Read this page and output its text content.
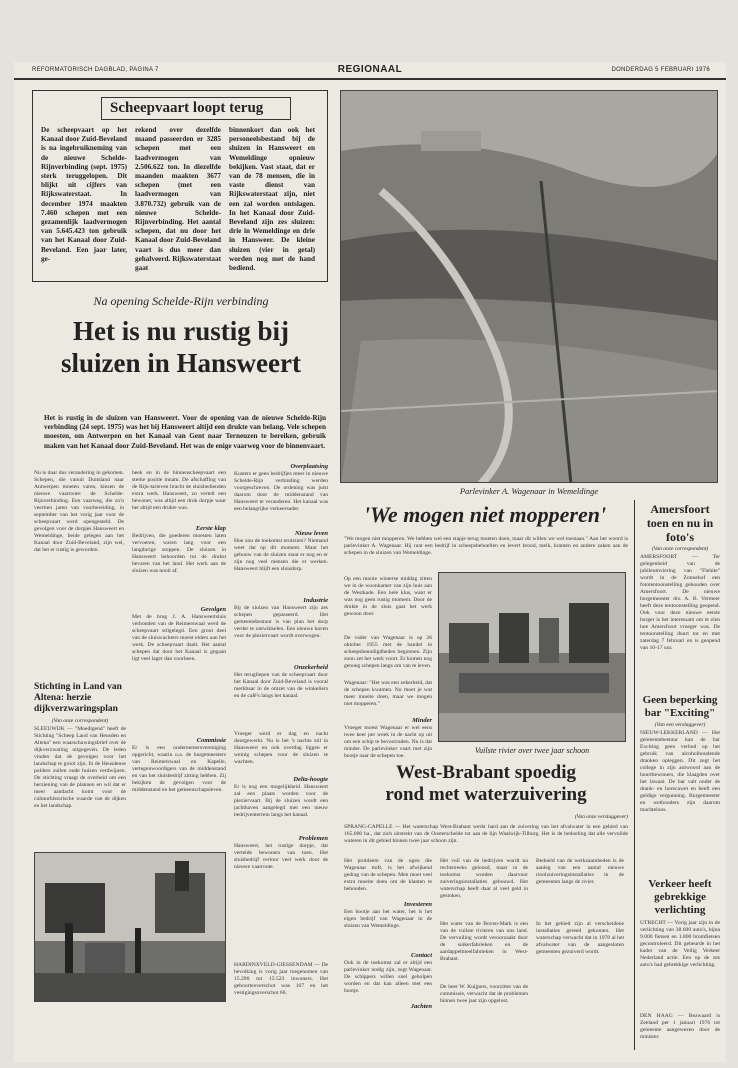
REFORMATORISCH DAGBLAD, PAGINA 7	REGIONAAL	DONDERDAG 5 FEBRUARI 1976
Scheepvaart loopt terug
De scheepvaart op het Kanaal door Zuid-Beveland is na ingebruikneming van de nieuwe Schelde-Rijnverbinding (sept. 1975) sterk teruggelopen. Dit blijkt uit cijfers van Rijkswaterstaat. In december 1974 maakten 7.460 schepen met een gezamenlijk laadvermogen van 5.645.423 ton gebruik van het Kanaal door Zuid-Beveland. Een jaar later, ge-
rekend over dezelfde maand passeerden er 3285 schepen met een laadvermogen van 2.506.622 ton. In diezelfde maanden maakten 3677 schepen (met een laadvermogen van 3.870.732) gebruik van de nieuwe Schelde-Rijnverbinding. Het aantal schepen, dat nu door het Kanaal door Zuid-Beveland vaart is dus meer dan gehalveerd. Rijkswaterstaat gaat
binnenkort dan ook het personeelsbestand bij de sluizen in Hansweert en Wemeldinge opnieuw bekijken. Vast staat, dat er van de 78 mensen, die in vaste dienst van Rijkswaterstaat zijn, niet een zal worden ontslagen. In het Kanaal door Zuid-Beveland zijn zes sluizen: drie in Wemeldinge en drie in Hansweer. De kleine sluizen (vier in getal) worden nog met de hand bediend.
Na opening Schelde-Rijn verbinding
Het is nu rustig bij
sluizen in Hansweert
Het is rustig in de sluizen van Hansweert. Voor de opening van de nieuwe Schelde-Rijn verbinding (24 sept. 1975) was het bij Hansweert altijd een drukte van belang. Vele schepen moesten, om Antwerpen en het Kanaal van Gent naar Terneuzen te bereiken, gebruik maken van het Kanaal door Zuid-Beveland. Het was de enige vaarweg voor de binnenvaart.
Nu is daar dus verandering in gekomen. Schepen, die vanuit Duitsland naar Antwerpen moeten varen, kiezen de nieuwe vaarroute: de Schelde-Rijnverbinding. Een vaarweg, die zo'n veertien jaren van voorbereiding, in september van het vorig jaar voor de scheepvaart werd opengesteld. De gevolgen voor de dorpjes Hansweert en Wemeldinge, beide gelegen aan het Kanaal door Zuid-Beveland, zijn wel, dat het er rustig is geworden.
beek en in de binnenscheepvaart een sterke positie innam. De afschaffing van de Rijn-tarieven bracht de sluisbedienden extra werk. Hansweert, zo vertelt een bewoner, was altijd een druk dorpje waar het altijd een drukte was.
Eerste klap
Bedrijven, die goederen moesten laten vervoeren, waren lang voor een langdurige stoppen. De sluizen in Hansweert behoorden tot de drukst bevaren van het land. Het werk aan de sluizen was nooit af.
Gevolgen
Met de brug J. A. Hansweertsluis verbonden van de Reimerswaal werd de scheepvaart stilgelegd. Een groot deel van de sluiswachters moest elders aan het werk. De scheepvaart daalt. Het aantal schepen dat door het Kanaal is gegaan ligt veel lager dan voorheen.
Commissie
Er is een ondernemersvereniging opgericht, waarin o.a. de burgemeesters van Reimerswaal en Kapelle, vertegenwoordigers van de middenstand en van het sluisbedrijf zitting hebben. Zij bekijken de gevolgen voor de middenstand en het gemeenschapsleven.
Overplaatsing
Kusters er geen bedrijfjes meer in nieuwe Schelde-Rijn verbinding werden voorgeschreven. De ordening was juist daarom door de middenstand van Hansweert te veranderen. Het kanaal was een belangrijke verkeersader.
Nieuw leven
Hoe zou de toekomst eruitzien? Niemand weet dat op dit moment. Maar het gebouw van de sluizen staat er nog en er zijn nog veel mensen die er werken. Hansweert blijft een sluisdorp.
Industrie
Bij de sluizen van Hansweert zijn zes schepen gepasseerd. Het gemeentebestuur is van plan het dorp verder te ontwikkelen. Een nieuwe haven voor de pleziervaart wordt overwogen.
Onzekerheid
Het terugliepen van de scheepvaart door het Kanaal door Zuid-Beveland is vooral merkbaar in de omzet van de winkeliers en de café's langs het kanaal.
Vroeger werd er dag en nacht doorgewerkt. Nu is het 's nachts stil in Hansweert en ook overdag liggen er weinig schepen voor de sluizen te wachten.
Delta-hoogte
Er is nog een mogelijkheid. Hansweert zal een plaats worden voor de pleziervaart. Bij de sluizen wordt een jachthaven aangelegd met een nieuw bedrijventerrein langs het kanaal.
Problemen
Hansweert, het rustige dorpje, dat vertelde bewoners van toen. Het sluisbedrijf verloor veel werk door de nieuwe vaarroute.
Stichting in Land van Altena: herzie dijkverzwaringsplan
(Van onze correspondent)
SLEEUWIJK — "Moedigend" heeft de Stichting "Scheep Land van Heusden en Altena" een waarschuwingsbrief over de dijkverzwaring uitgegeven. De leden vinden dat de gevolgen voor het landschap te groot zijn. In de Heusdense polders zullen oude huizen verdwijnen. De stichting vraagt de overheid om een herziening van de plannen en wil dat er meer aandacht komt voor de cultuurhistorische waarde van de dijken en het landschap.
Parlevinker A. Wagenaar in Wemeldinge
'We mogen niet mopperen'
"We mogen niet mopperen. We hebben wel een stapje terug moeten doen, maar dit willen we wel toestaan." Aan het woord is parlevinker A. Wagenaar. Hij runt een bedrijf in scheepsbehoeften en levert brood, melk, kranten en andere zaken aan de schepen in de sluizen van Wemeldinge.
Op een mooie winterse middag zitten we in de woonkamer van zijn huis aan de Westkade. Een hele klus, want er was nog geen rustig moment. Door de drukte in de sluis gaat het werk gewoon door.
De vader van Wagenaar is op 26 oktober 1955 met de handel in scheepsbenodigdheden begonnen. Zijn zoon zet het werk voort. Er komen nog genoeg schepen langs om van te leven.
Wagenaar: "Het was een zekerheid, dat de schepen kwamen. Nu moet je wat meer moeite doen, maar we mogen niet mopperen."
Minder
Vroeger moest Wagenaar er wel eens twee keer per week in de nacht op uit om een schip te bevoorraden. Nu is dat minder. De parlevinker vaart met zijn bootje naar de schepen toe.
Vuilste rivier over twee jaar schoon
West-Brabant spoedig
rond met waterzuivering
(Van onze verslaggever)
SPRANG-CAPELLE — Het waterschap West-Brabant werkt hard aan de zuivering van het afvalwater in een gebied van 165.000 ha., dat zich uitstrekt van de Oosterschelde tot aan de lijn Waalwijk-Tilburg. Het is de bedoeling dat alle vervuilde wateren in dit gebied binnen twee jaar schoon zijn.
Het probleem van de ogen die Wagenaar treft, is het afwijkend gedrag van de schepen. Men moet veel extra moeite doen om de klanten te behouden.
Investeren
Een bootje aan het water, het is het eigen bedrijf van Wagenaar in de sluizen van Wemeldinge.
Contact
Ook in de toekomst zal er altijd een parlevinker nodig zijn, zegt Wagenaar. De schippers willen snel geholpen worden en dat kan alleen met een bootje.
Jachten
Het vuil van de bedrijven wordt nu rechtstreeks geloosd, maar in de toekomst worden daarvoor zuiveringsinstallaties gebouwd. Het waterschap heeft daar al veel geld in gestoken.
Het water van de Boven-Mark is een van de vuilste rivieren van ons land. De vervuiling wordt veroorzaakt door de suikerfabrieken en de aardappelmeelfabrieken in West-Brabant.
De heer W. Kuijpers, voorzitter van de commissie, verwacht dat de problemen binnen twee jaar zijn opgelost.
Bedoeld van de werkzaamheden is de aanleg van een aantal nieuwe rioolzuiveringsinstallaties in de gemeenten langs de rivier.
In het gebied zijn al verscheidene installaties gereed gekomen. Het waterschap verwacht dat in 1978 al het afvalwater van de aangesloten gemeenten gezuiverd wordt.
HARDINXVELD-GIESSENDAM — De bevolking is vorig jaar toegenomen van 15.290 tot 15.523 inwoners. Het geboorteoverschot was 167 en het vestigingsoverschot 66.
Amersfoort toen en nu in foto's
(Van onze correspondent)
AMERSFOORT — Ter gelegenheid van de jubileumviering van "Flehite" wordt in de Zonnehof een fototentoonstelling gehouden over Amersfoort. De nieuwe burgemeester drs. A. B. Vermeer heeft deze tentoonstelling geopend. Ook voor deze nieuwe eerste burger is het interessant om te zien hoe Amersfoort vroeger was. De tentoonstelling duurt tot en met zaterdag 7 februari en is geopend van 10-17 uur.
Geen beperking bar "Exciting"
(Van een verslaggever)
NIEUW-LEKKERLAND — Het gemeentebestuur kan de bar Exciting geen verbod op het gebruik van alcoholhoudende dranken opleggen. Dit zegt het college in zijn antwoord aan de buurtbewoners, die klaagden over het lawaai. De bar valt onder de drank- en horecawet en heeft een geldige vergunning. Burgemeester en wethouders zijn daarom machteloos.
Verkeer heeft gebrekkige verlichting
UTRECHT — Vorig jaar zijn in de verlichting van 38.600 auto's, bijna 9.000 fietsen en 1.800 bromfietsen gecontroleerd. Dit gebeurde in het kader van de Veilig Verkeer Nederland actie. Een op de zes auto's had gebrekkige verlichting.
DEN HAAG — Bezwaard is Zeeland per 1 januari 1976 tot gemeente aangewezen door de minister.
